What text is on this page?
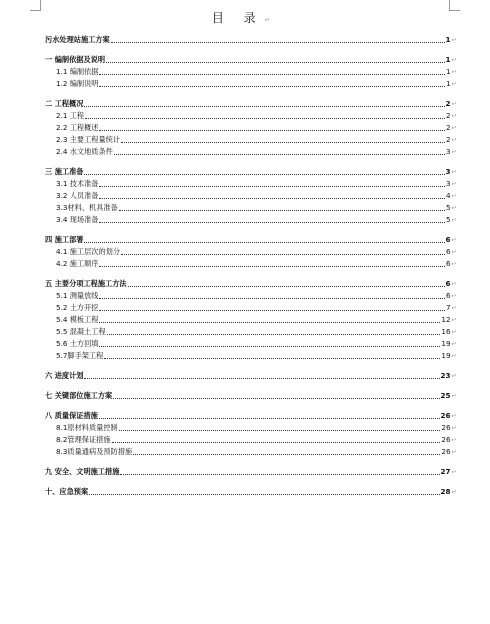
目 录↵
污水处理站施工方案	1 ↵
一 编制依据及说明	1 ↵
1.1 编制依据	1 ↵
1.2 编制说明	1 ↵
二 工程概况	2 ↵
2.1 工程	2 ↵
2.2 工程概述	2 ↵
2.3 主要工程量统计	2 ↵
2.4 水文地质条件	3 ↵
三 施工准备	3 ↵
3.1 技术准备	3 ↵
3.2 人员准备	4 ↵
3.3材料、机具准备	5 ↵
3.4 现场准备	5 ↵
四 施工部署	6 ↵
4.1 施工层次的划分	6 ↵
4.2 施工顺序	6 ↵
五 主要分项工程施工方法	6 ↵
5.1 测量放线	6 ↵
5.2 土方开挖	7 ↵
5.4 模板工程	12 ↵
5.5 混凝土工程	16 ↵
5.6 土方回填	19 ↵
5.7脚手架工程	19 ↵
六 进度计划	23 ↵
七 关键部位施工方案	25 ↵
八 质量保证措施	26 ↵
8.1原材料质量控制	26 ↵
8.2管理保证措施	26 ↵
8.3质量通病及预防措施	26 ↵
九 安全、文明施工措施	27 ↵
十、应急预案	28 ↵
